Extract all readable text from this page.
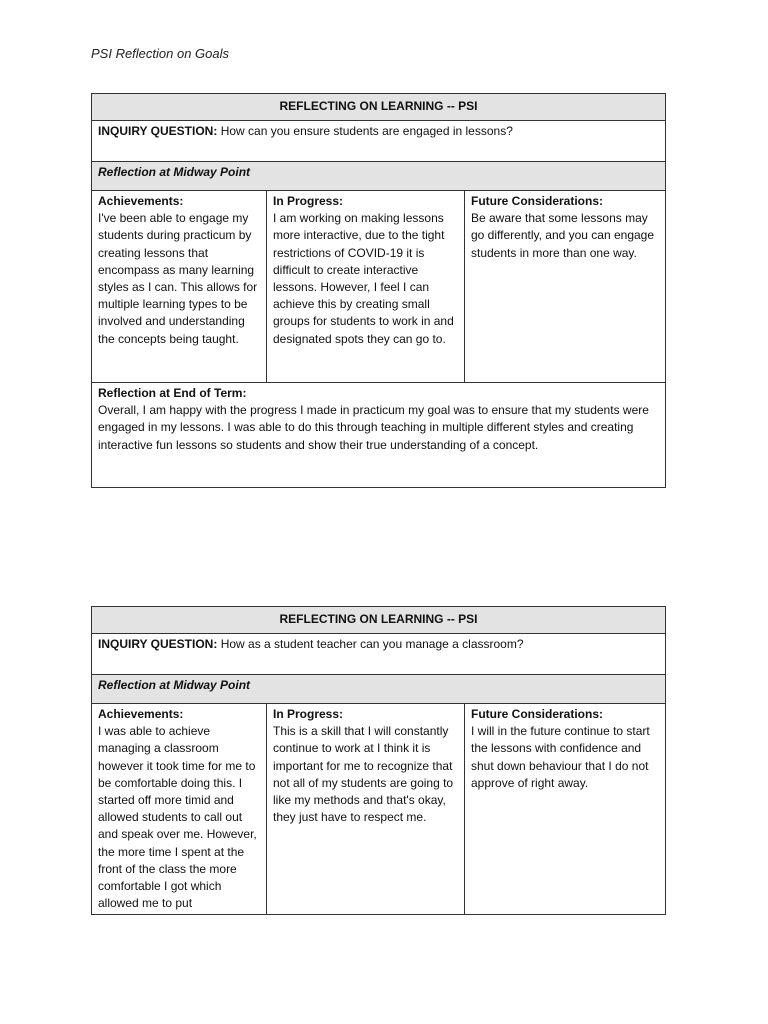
PSI Reflection on Goals
REFLECTING ON LEARNING -- PSI
INQUIRY QUESTION: How can you ensure students are engaged in lessons?
Reflection at Midway Point

Achievements:
I've been able to engage my students during practicum by creating lessons that encompass as many learning styles as I can. This allows for multiple learning types to be involved and understanding the concepts being taught.

In Progress:
I am working on making lessons more interactive, due to the tight restrictions of COVID-19 it is difficult to create interactive lessons. However, I feel I can achieve this by creating small groups for students to work in and designated spots they can go to.

Future Considerations:
Be aware that some lessons may go differently, and you can engage students in more than one way.

Reflection at End of Term:
Overall, I am happy with the progress I made in practicum my goal was to ensure that my students were engaged in my lessons. I was able to do this through teaching in multiple different styles and creating interactive fun lessons so students and show their true understanding of a concept.
REFLECTING ON LEARNING -- PSI
INQUIRY QUESTION: How as a student teacher can you manage a classroom?
Reflection at Midway Point

Achievements:
I was able to achieve managing a classroom however it took time for me to be comfortable doing this. I started off more timid and allowed students to call out and speak over me. However, the more time I spent at the front of the class the more comfortable I got which allowed me to put

In Progress:
This is a skill that I will constantly continue to work at I think it is important for me to recognize that not all of my students are going to like my methods and that's okay, they just have to respect me.

Future Considerations:
I will in the future continue to start the lessons with confidence and shut down behaviour that I do not approve of right away.
